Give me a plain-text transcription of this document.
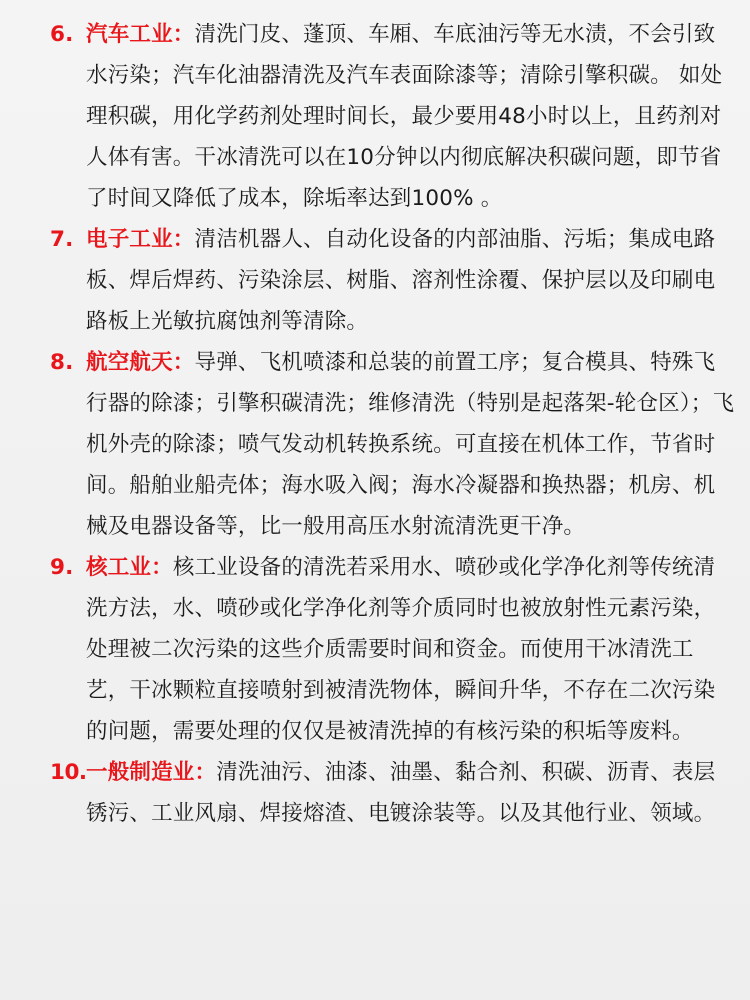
6. 汽车工业：清洗门皮、蓬顶、车厢、车底油污等无水渍，不会引致水污染；汽车化油器清洗及汽车表面除漆等；清除引擎积碳。 如处理积碳，用化学药剂处理时间长，最少要用48小时以上，且药剂对人体有害。干冰清洗可以在10分钟以内彻底解决积碳问题，即节省了时间又降低了成本，除垢率达到100% 。
7. 电子工业：清洁机器人、自动化设备的内部油脂、污垢；集成电路板、焊后焊药、污染涂层、树脂、溶剂性涂覆、保护层以及印刷电路板上光敏抗腐蚀剂等清除。
8. 航空航天：导弹、飞机喷漆和总装的前置工序；复合模具、特殊飞行器的除漆；引擎积碳清洗；维修清洗（特别是起落架-轮仓区）；飞机外壳的除漆；喷气发动机转换系统。可直接在机体工作，节省时间。船舶业船壳体；海水吸入阀；海水冷凝器和换热器；机房、机械及电器设备等，比一般用高压水射流清洗更干净。
9. 核工业：核工业设备的清洗若采用水、喷砂或化学净化剂等传统清洗方法，水、喷砂或化学净化剂等介质同时也被放射性元素污染，处理被二次污染的这些介质需要时间和资金。而使用干冰清洗工艺，干冰颗粒直接喷射到被清洗物体，瞬间升华，不存在二次污染的问题，需要处理的仅仅是被清洗掉的有核污染的积垢等废料。
10. 一般制造业：清洗油污、油漆、油墨、黏合剂、积碳、沥青、表层锈污、工业风扇、焊接熔渣、电镀涂装等。以及其他行业、领域。
